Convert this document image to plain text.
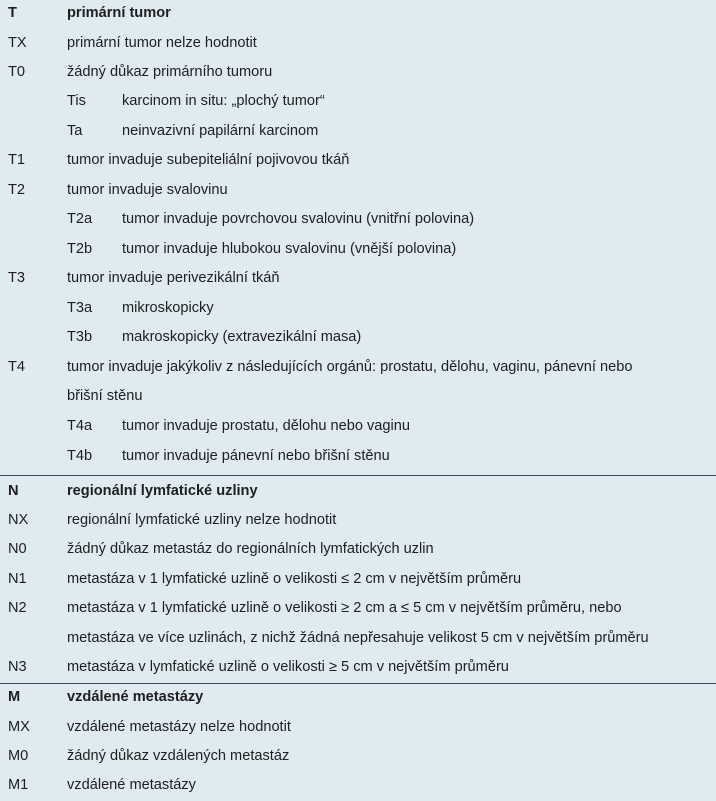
T	primární tumor
TX	primární tumor nelze hodnotit
T0	žádný důkaz primárního tumoru
Tis karcinom in situ: „plochý tumor“
Ta	neinvazivní papilární karcinom
T1	tumor invaduje subepiteliální pojivovou tkáň
T2	tumor invaduje svalovinu
T2a tumor invaduje povrchovou svalovinu (vnitřní polovina)
T2b tumor invaduje hlubokou svalovinu (vnější polovina)
T3	tumor invaduje perivezikální tkáň
T3a mikroskopicky
T3b makroskopicky (extravezikální masa)
T4	tumor invaduje jakýkoliv z následujících orgánů: prostatu, dělohu, vaginu, pánevní nebo
břišní stěnu
T4a tumor invaduje prostatu, dělohu nebo vaginu
T4b tumor invaduje pánevní nebo břišní stěnu
N	regionální lymfatické uzliny
NX	regionální lymfatické uzliny nelze hodnotit
N0	žádný důkaz metastáz do regionálních lymfatických uzlin
N1	metastáza v 1 lymfatické uzlině o velikosti ≤ 2 cm v největším průměru
N2	metastáza v 1 lymfatické uzlině o velikosti ≥ 2 cm a ≤ 5 cm v největším průměru, nebo
metastáza ve více uzlinách, z nichž žádná nepřesahuje velikost 5 cm v největším průměru
N3	metastáza v lymfatické uzlině o velikosti ≥ 5 cm v největším průměru
M	vzdálené metastázy
MX	vzdálené metastázy nelze hodnotit
M0	žádný důkaz vzdálených metastáz
M1	vzdálené metastázy
